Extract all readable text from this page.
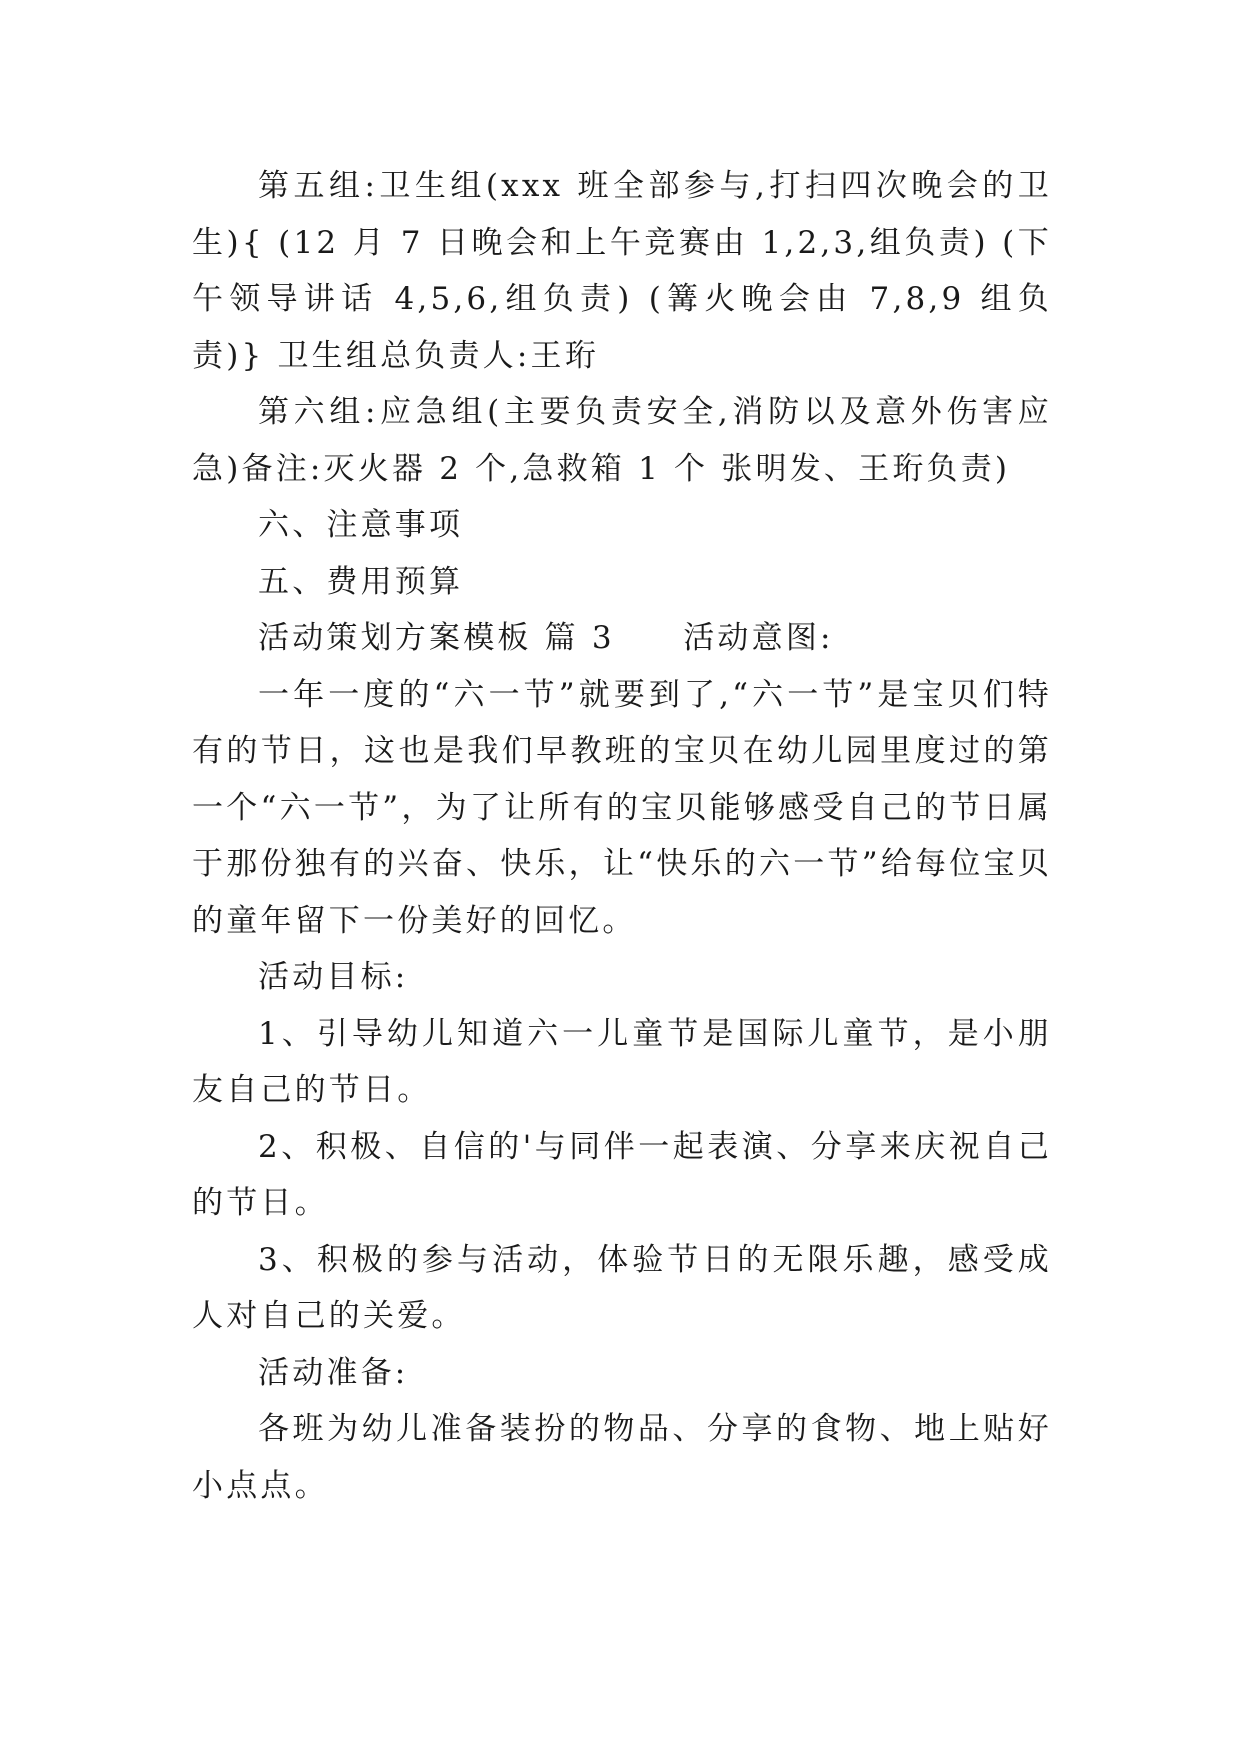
第五组:卫生组(xxx 班全部参与,打扫四次晚会的卫生){ (12 月 7 日晚会和上午竞赛由 1,2,3,组负责) (下午领导讲话 4,5,6,组负责) (篝火晚会由 7,8,9 组负责)} 卫生组总负责人:王珩

第六组:应急组(主要负责安全,消防以及意外伤害应急)备注:灭火器 2 个,急救箱 1 个 张明发、王珩负责)

六、注意事项

五、费用预算

活动策划方案模板 篇 3　　活动意图:

一年一度的“六一节”就要到了,“六一节”是宝贝们特有的节日，这也是我们早教班的宝贝在幼儿园里度过的第一个“六一节”，为了让所有的宝贝能够感受自己的节日属于那份独有的兴奋、快乐，让“快乐的六一节”给每位宝贝的童年留下一份美好的回忆。

活动目标:

1、引导幼儿知道六一儿童节是国际儿童节，是小朋友自己的节日。

2、积极、自信的'与同伴一起表演、分享来庆祝自己的节日。

3、积极的参与活动，体验节日的无限乐趣，感受成人对自己的关爱。

活动准备:

各班为幼儿准备装扮的物品、分享的食物、地上贴好小点点。
